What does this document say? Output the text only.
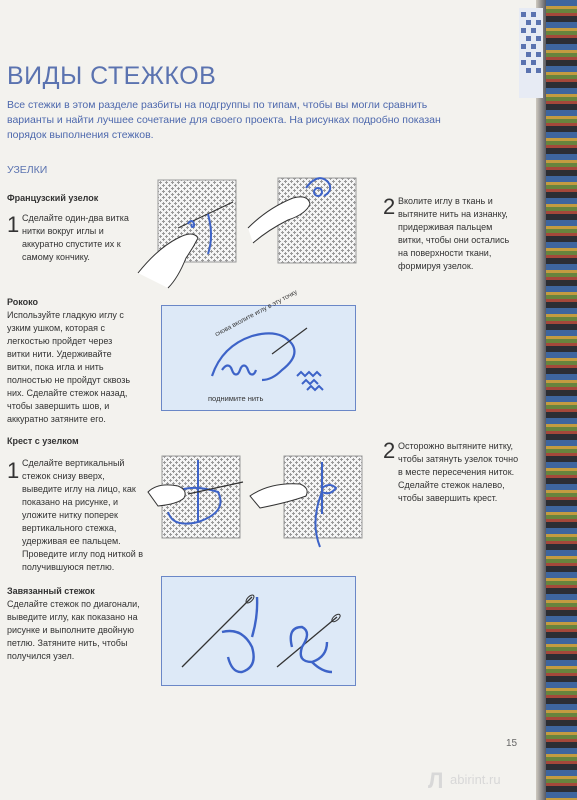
ВИДЫ СТЕЖКОВ

Все стежки в этом разделе разбиты на подгруппы по типам, чтобы вы могли сравнить варианты и найти лучшее сочетание для своего проекта. На рисунках подробно показан порядок выполнения стежков.

УЗЕЛКИ
Французский узелок
1 Сделайте один-два витка нитки вокруг иглы и аккуратно спустите их к самому кончику.

2 Вколите иглу в ткань и вытяните нить на изнанку, придерживая пальцем витки, чтобы они остались на поверхности ткани, формируя узелок.

Рококо

Используйте гладкую иглу с узким ушком, которая с легкостью пройдет через витки нити. Удерживайте витки, пока игла и нить полностью не пройдут сквозь них. Сделайте стежок назад, чтобы завершить шов, и аккуратно затяните его.

снова вколите иглу в эту точку
поднимите нить
Крест с узелком
1 Сделайте вертикальный стежок снизу вверх, выведите иглу на лицо, как показано на рисунке, и уложите нитку поперек вертикального стежка, удерживая ее пальцем. Проведите иглу под ниткой в получившуюся петлю.

2 Осторожно вытяните нитку, чтобы затянуть узелок точно в месте пересечения ниток. Сделайте стежок налево, чтобы завершить крест.

Завязанный стежок

Сделайте стежок по диагонали, выведите иглу, как показано на рисунке и выполните двойную петлю. Затяните нить, чтобы получился узел.

15
Л abirint.ru
